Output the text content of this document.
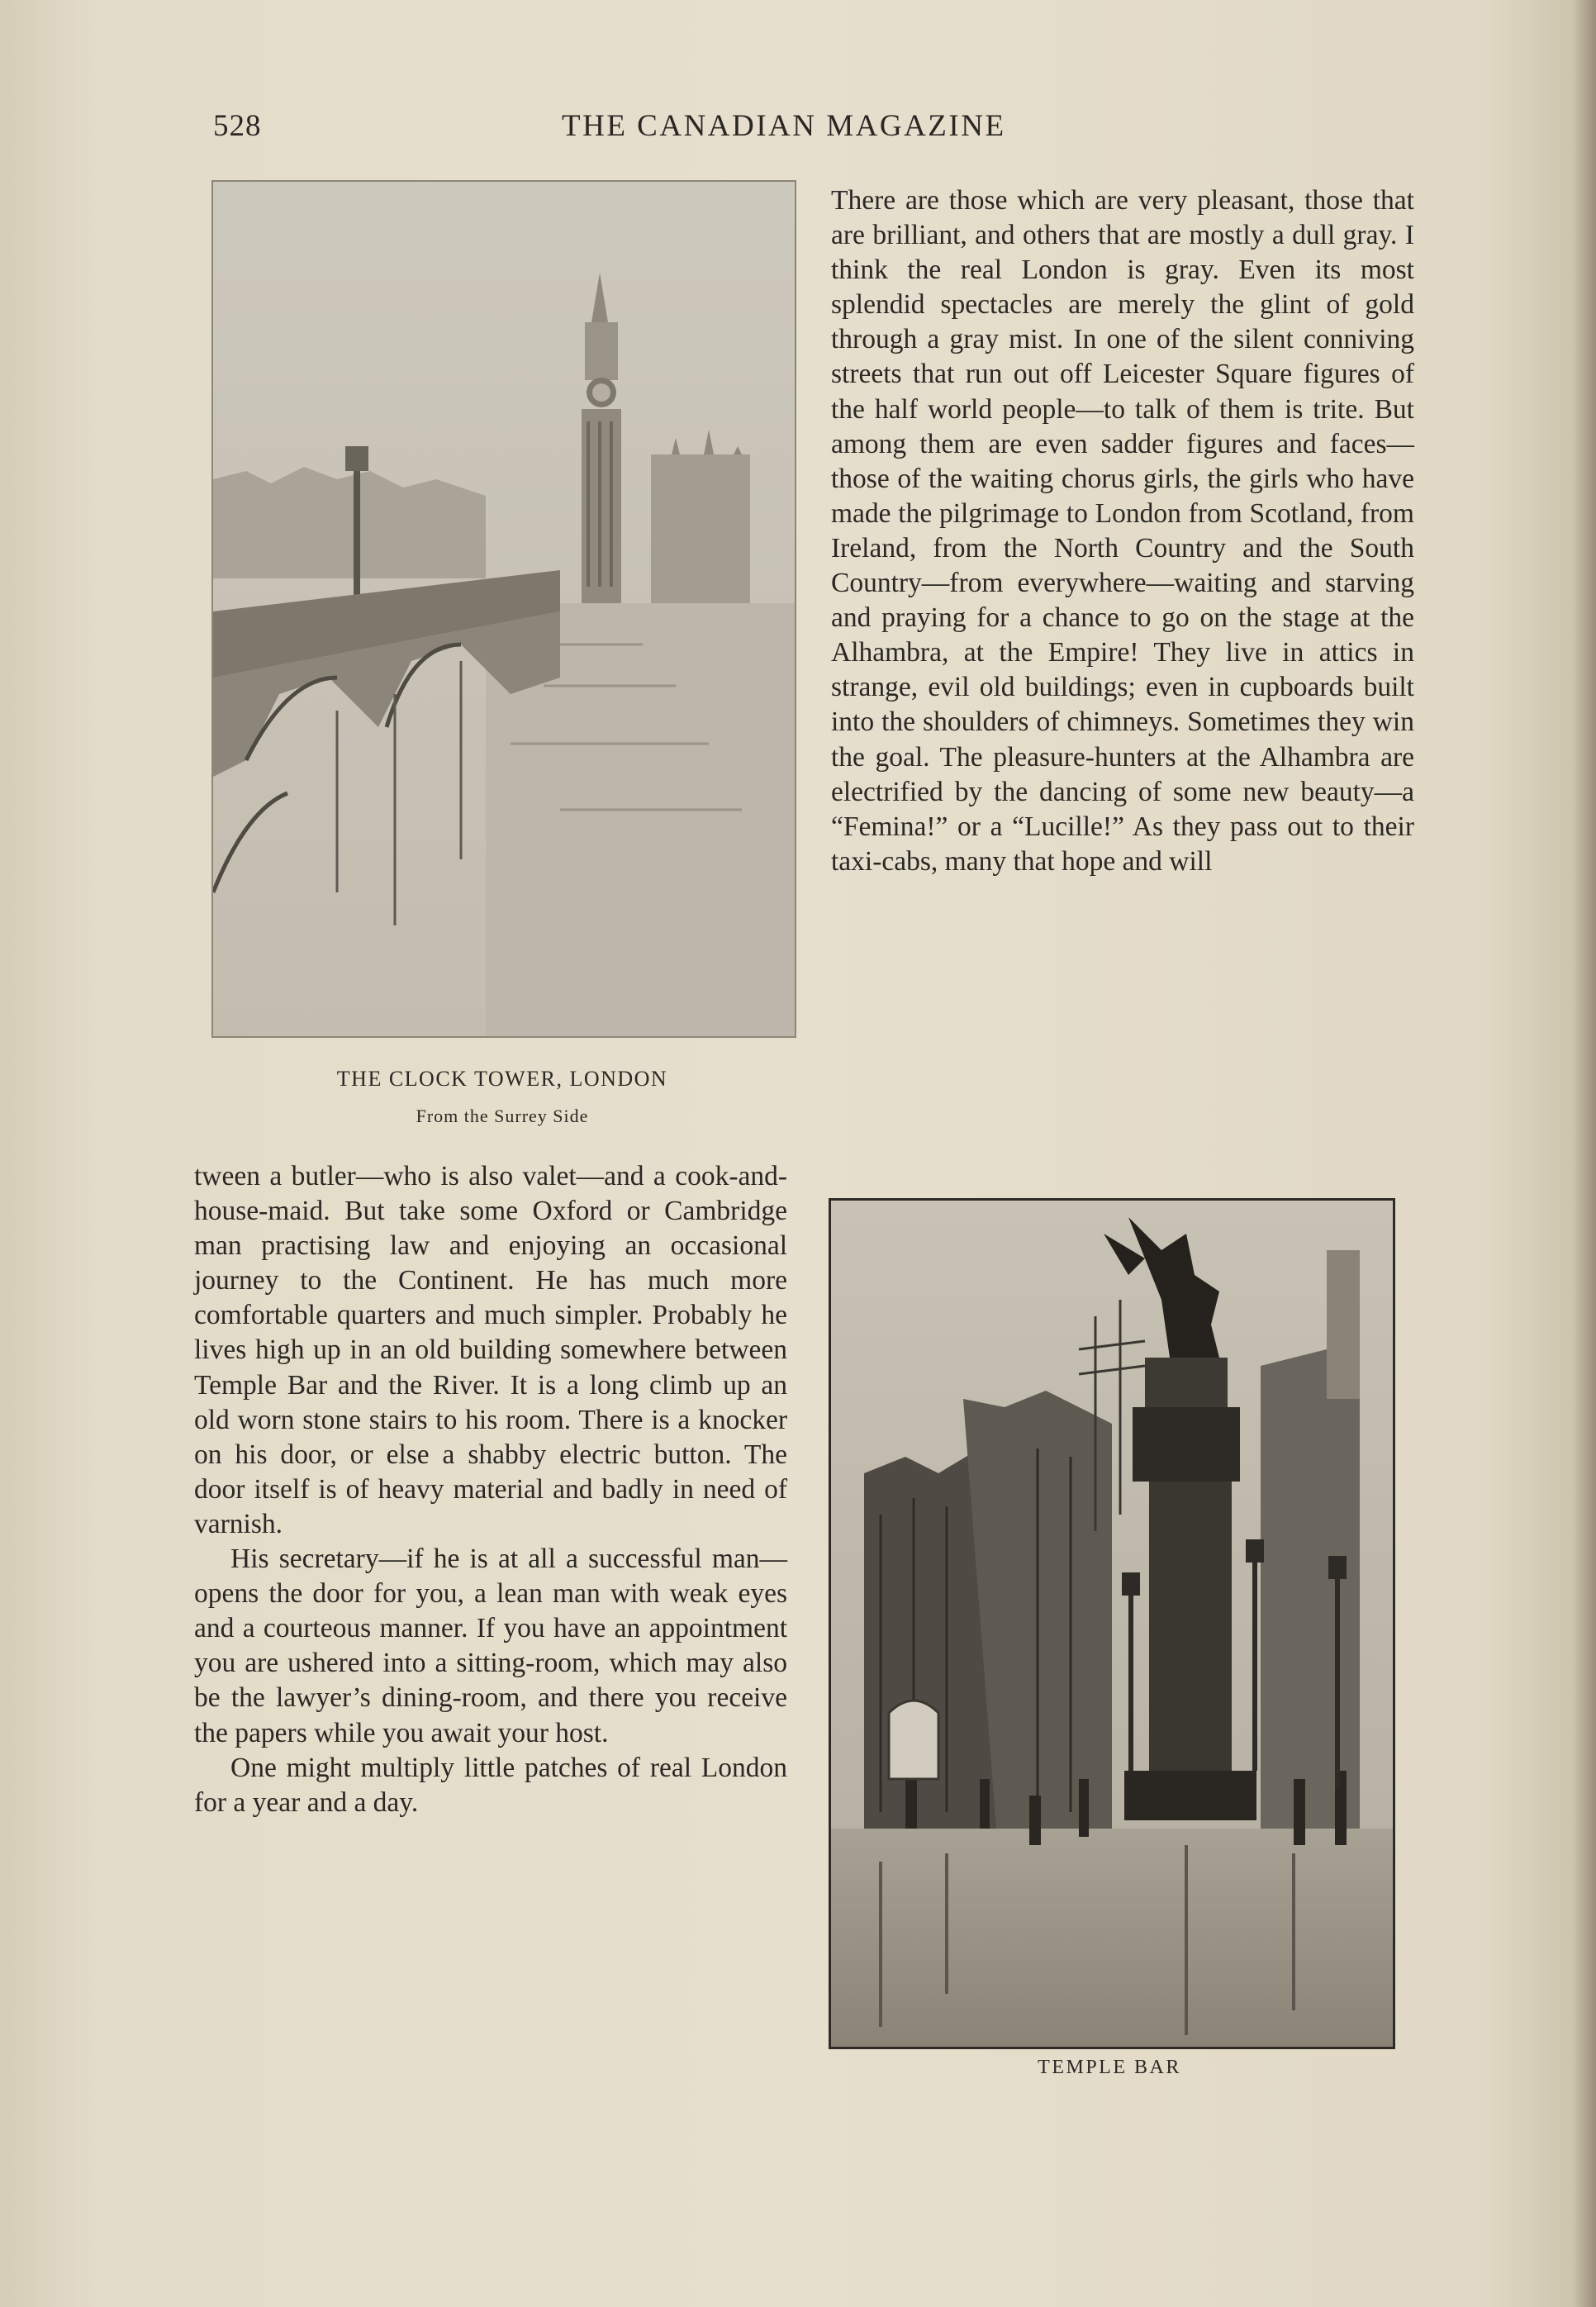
528	THE CANADIAN MAGAZINE
THE CLOCK TOWER, LONDON
From the Surrey Side

There are those which are very pleasant, those that are brilliant, and others that are mostly a dull gray. I think the real London is gray. Even its most splendid spectacles are merely the glint of gold through a gray mist. In one of the silent conniving streets that run out off Leicester Square figures of the half world people—to talk of them is trite. But among them are even sadder figures and faces—those of the waiting chorus girls, the girls who have made the pilgrimage to London from Scotland, from Ireland, from the North Country and the South Country—from everywhere—waiting and starving and praying for a chance to go on the stage at the Alhambra, at the Empire! They live in attics in strange, evil old buildings; even in cupboards built into the shoulders of chimneys. Sometimes they win the goal. The pleasure-hunters at the Alhambra are electrified by the dancing of some new beauty—a “Femina!” or a “Lucille!” As they pass out to their taxi-cabs, many that hope and will

TEMPLE BAR

tween a butler—who is also valet—and a cook-and-house-maid. But take some Oxford or Cambridge man practising law and enjoying an occasional journey to the Continent. He has much more comfortable quarters and much simpler. Probably he lives high up in an old building somewhere between Temple Bar and the River. It is a long climb up an old worn stone stairs to his room. There is a knocker on his door, or else a shabby electric button. The door itself is of heavy material and badly in need of varnish.

His secretary—if he is at all a successful man—opens the door for you, a lean man with weak eyes and a courteous manner. If you have an appointment you are ushered into a sitting-room, which may also be the lawyer’s dining-room, and there you receive the papers while you await your host.

One might multiply little patches of real London for a year and a day.
